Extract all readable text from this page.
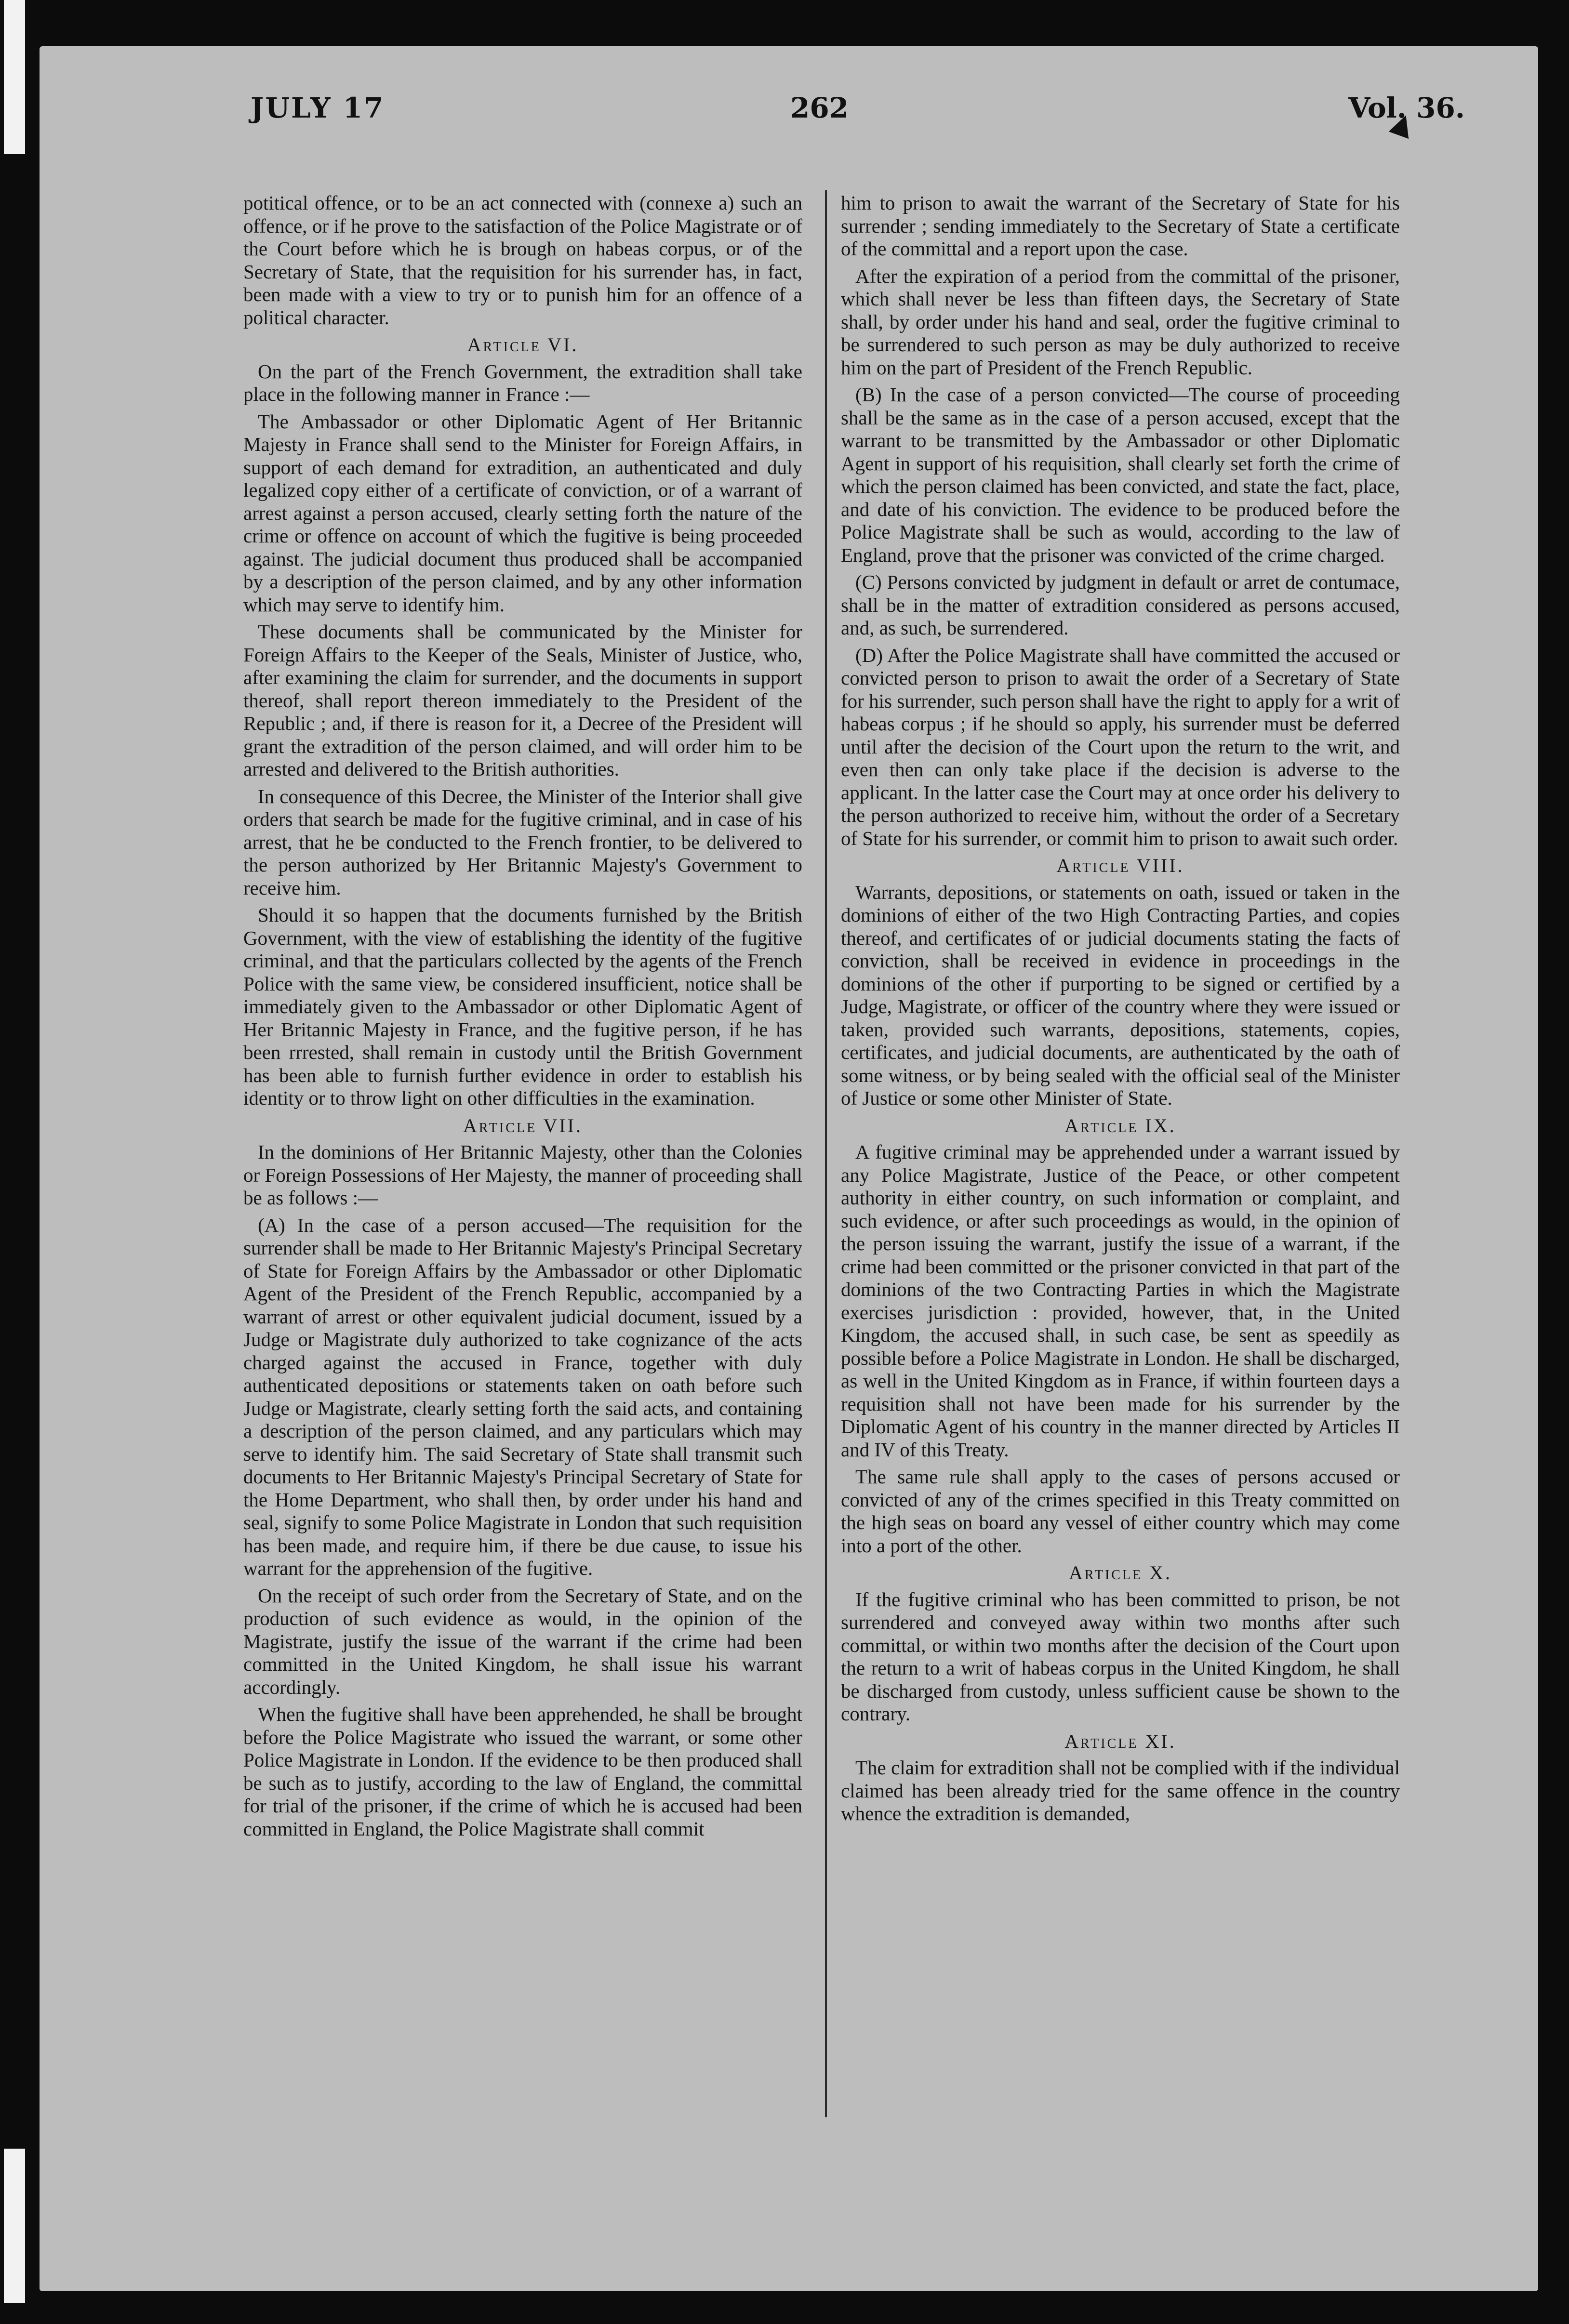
JULY 17	262	Vol. 36.

potitical offence, or to be an act connected with (connexe a) such an offence, or if he prove to the satisfaction of the Police Magistrate or of the Court before which he is brough on habeas corpus, or of the Secretary of State, that the requisition for his surrender has, in fact, been made with a view to try or to punish him for an offence of a political character.

Article VI.

On the part of the French Government, the extradition shall take place in the following manner in France :—

The Ambassador or other Diplomatic Agent of Her Britannic Majesty in France shall send to the Minister for Foreign Affairs, in support of each demand for extradition, an authenticated and duly legalized copy either of a certificate of conviction, or of a warrant of arrest against a person accused, clearly setting forth the nature of the crime or offence on account of which the fugitive is being proceeded against. The judicial document thus produced shall be accompanied by a description of the person claimed, and by any other information which may serve to identify him.

These documents shall be communicated by the Minister for Foreign Affairs to the Keeper of the Seals, Minister of Justice, who, after examining the claim for surrender, and the documents in support thereof, shall report thereon immediately to the President of the Republic ; and, if there is reason for it, a Decree of the President will grant the extradition of the person claimed, and will order him to be arrested and delivered to the British authorities.

In consequence of this Decree, the Minister of the Interior shall give orders that search be made for the fugitive criminal, and in case of his arrest, that he be conducted to the French frontier, to be delivered to the person authorized by Her Britannic Majesty's Government to receive him.

Should it so happen that the documents furnished by the British Government, with the view of establishing the identity of the fugitive criminal, and that the particulars collected by the agents of the French Police with the same view, be considered insufficient, notice shall be immediately given to the Ambassador or other Diplomatic Agent of Her Britannic Majesty in France, and the fugitive person, if he has been rrrested, shall remain in custody until the British Government has been able to furnish further evidence in order to establish his identity or to throw light on other difficulties in the examination.

Article VII.

In the dominions of Her Britannic Majesty, other than the Colonies or Foreign Possessions of Her Majesty, the manner of proceeding shall be as follows :—

(A) In the case of a person accused—The requisition for the surrender shall be made to Her Britannic Majesty's Principal Secretary of State for Foreign Affairs by the Ambassador or other Diplomatic Agent of the President of the French Republic, accompanied by a warrant of arrest or other equivalent judicial document, issued by a Judge or Magistrate duly authorized to take cognizance of the acts charged against the accused in France, together with duly authenticated depositions or statements taken on oath before such Judge or Magistrate, clearly setting forth the said acts, and containing a description of the person claimed, and any particulars which may serve to identify him. The said Secretary of State shall transmit such documents to Her Britannic Majesty's Principal Secretary of State for the Home Department, who shall then, by order under his hand and seal, signify to some Police Magistrate in London that such requisition has been made, and require him, if there be due cause, to issue his warrant for the apprehension of the fugitive.

On the receipt of such order from the Secretary of State, and on the production of such evidence as would, in the opinion of the Magistrate, justify the issue of the warrant if the crime had been committed in the United Kingdom, he shall issue his warrant accordingly.

When the fugitive shall have been apprehended, he shall be brought before the Police Magistrate who issued the warrant, or some other Police Magistrate in London. If the evidence to be then produced shall be such as to justify, according to the law of England, the committal for trial of the prisoner, if the crime of which he is accused had been committed in England, the Police Magistrate shall commit

him to prison to await the warrant of the Secretary of State for his surrender ; sending immediately to the Secretary of State a certificate of the committal and a report upon the case.

After the expiration of a period from the committal of the prisoner, which shall never be less than fifteen days, the Secretary of State shall, by order under his hand and seal, order the fugitive criminal to be surrendered to such person as may be duly authorized to receive him on the part of President of the French Republic.

(B) In the case of a person convicted—The course of proceeding shall be the same as in the case of a person accused, except that the warrant to be transmitted by the Ambassador or other Diplomatic Agent in support of his requisition, shall clearly set forth the crime of which the person claimed has been convicted, and state the fact, place, and date of his conviction. The evidence to be produced before the Police Magistrate shall be such as would, according to the law of England, prove that the prisoner was convicted of the crime charged.

(C) Persons convicted by judgment in default or arret de contumace, shall be in the matter of extradition considered as persons accused, and, as such, be surrendered.

(D) After the Police Magistrate shall have committed the accused or convicted person to prison to await the order of a Secretary of State for his surrender, such person shall have the right to apply for a writ of habeas corpus ; if he should so apply, his surrender must be deferred until after the decision of the Court upon the return to the writ, and even then can only take place if the decision is adverse to the applicant. In the latter case the Court may at once order his delivery to the person authorized to receive him, without the order of a Secretary of State for his surrender, or commit him to prison to await such order.

Article VIII.

Warrants, depositions, or statements on oath, issued or taken in the dominions of either of the two High Contracting Parties, and copies thereof, and certificates of or judicial documents stating the facts of conviction, shall be received in evidence in proceedings in the dominions of the other if purporting to be signed or certified by a Judge, Magistrate, or officer of the country where they were issued or taken, provided such warrants, depositions, statements, copies, certificates, and judicial documents, are authenticated by the oath of some witness, or by being sealed with the official seal of the Minister of Justice or some other Minister of State.

Article IX.

A fugitive criminal may be apprehended under a warrant issued by any Police Magistrate, Justice of the Peace, or other competent authority in either country, on such information or complaint, and such evidence, or after such proceedings as would, in the opinion of the person issuing the warrant, justify the issue of a warrant, if the crime had been committed or the prisoner convicted in that part of the dominions of the two Contracting Parties in which the Magistrate exercises jurisdiction : provided, however, that, in the United Kingdom, the accused shall, in such case, be sent as speedily as possible before a Police Magistrate in London. He shall be discharged, as well in the United Kingdom as in France, if within fourteen days a requisition shall not have been made for his surrender by the Diplomatic Agent of his country in the manner directed by Articles II and IV of this Treaty.

The same rule shall apply to the cases of persons accused or convicted of any of the crimes specified in this Treaty committed on the high seas on board any vessel of either country which may come into a port of the other.

Article X.

If the fugitive criminal who has been committed to prison, be not surrendered and conveyed away within two months after such committal, or within two months after the decision of the Court upon the return to a writ of habeas corpus in the United Kingdom, he shall be discharged from custody, unless sufficient cause be shown to the contrary.

Article XI.

The claim for extradition shall not be complied with if the individual claimed has been already tried for the same offence in the country whence the extradition is demanded,
